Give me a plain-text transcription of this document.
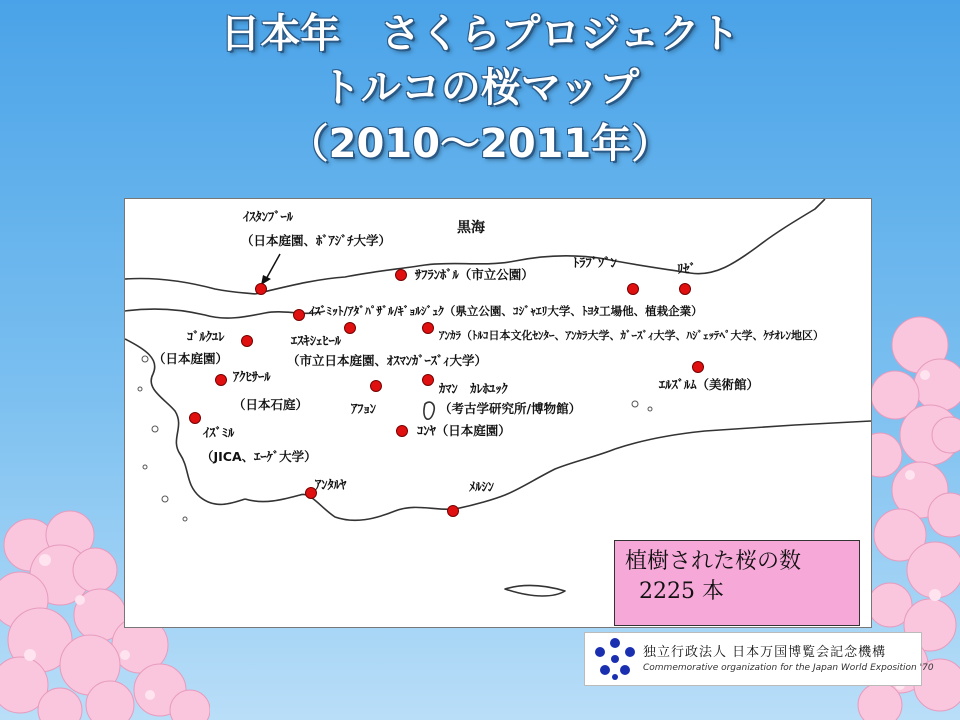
日本年　さくらプロジェクト
トルコの桜マップ
（2010～2011年）
黒海
ｲｽﾀﾝﾌﾞｰﾙ
（日本庭園、ﾎﾞｱｼﾞﾁ大学）
ｻﾌﾗﾝﾎﾞﾙ（市立公園）
ﾄﾗﾌﾞｿﾞﾝ	ﾘｾﾞ
ｲｽﾞﾐｯﾄ/ｱﾀﾞﾊﾟｻﾞﾙ/ｷﾞｮﾙｼﾞｭｸ（県立公園、ｺｼﾞｬｴﾘ大学、ﾄﾖﾀ工場他、植栽企業）
ｺﾞﾙｸﾕﾚ
（日本庭園）
ｴｽｷｼｪﾋｰﾙ
（市立日本庭園、ｵｽﾏﾝｶﾞｰｽﾞｨ大学）
ｱﾝｶﾗ（ﾄﾙｺ日本文化ｾﾝﾀｰ、ｱﾝｶﾗ大学、ｶﾞｰｽﾞｨ大学、ﾊｼﾞｪｯﾃﾍﾟ大学、ｹﾁｵﾚﾝ地区）
ｱｸﾋｻｰﾙ
（日本石庭）	ｱﾌｮﾝ
ｶﾏﾝ　ｶﾚﾎﾕｯｸ
（考古学研究所/博物館）
ｴﾙｽﾞﾙﾑ（美術館）
ｲｽﾞﾐﾙ
（JICA、ｴｰｹﾞ大学）
ｺﾝﾔ（日本庭園）
ｱﾝﾀﾙﾔ	ﾒﾙｼﾝ
植樹された桜の数
2225 本
独立行政法人 日本万国博覧会記念機構
Commemorative organization for the Japan World Exposition '70
